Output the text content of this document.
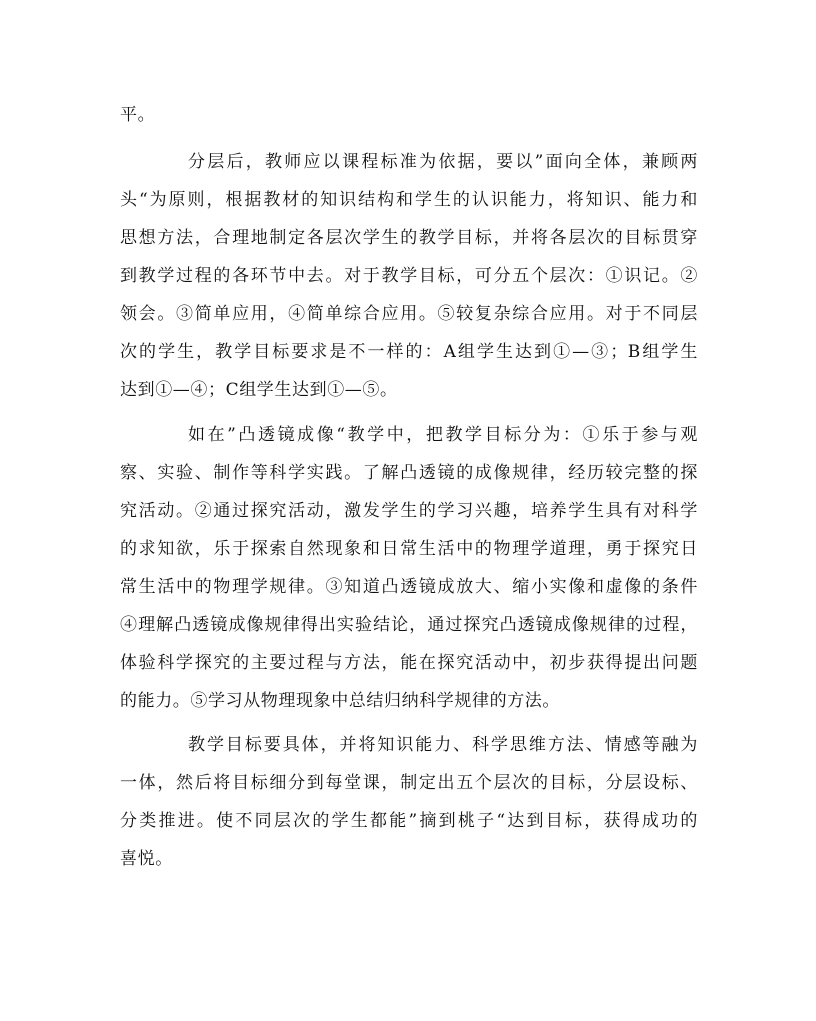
平。
分层后，教师应以课程标准为依据，要以”面向全体，兼顾两
头“为原则，根据教材的知识结构和学生的认识能力，将知识、能力和
思想方法，合理地制定各层次学生的教学目标，并将各层次的目标贯穿
到教学过程的各环节中去。对于教学目标，可分五个层次：①识记。②
领会。③简单应用，④简单综合应用。⑤较复杂综合应用。对于不同层
次的学生，教学目标要求是不一样的：A组学生达到①—③；B组学生
达到①—④；C组学生达到①—⑤。
如在”凸透镜成像“教学中，把教学目标分为：①乐于参与观
察、实验、制作等科学实践。了解凸透镜的成像规律，经历较完整的探
究活动。②通过探究活动，激发学生的学习兴趣，培养学生具有对科学
的求知欲，乐于探索自然现象和日常生活中的物理学道理，勇于探究日
常生活中的物理学规律。③知道凸透镜成放大、缩小实像和虚像的条件
④理解凸透镜成像规律得出实验结论，通过探究凸透镜成像规律的过程，
体验科学探究的主要过程与方法，能在探究活动中，初步获得提出问题
的能力。⑤学习从物理现象中总结归纳科学规律的方法。
教学目标要具体，并将知识能力、科学思维方法、情感等融为
一体，然后将目标细分到每堂课，制定出五个层次的目标，分层设标、
分类推进。使不同层次的学生都能”摘到桃子“达到目标，获得成功的
喜悦。
